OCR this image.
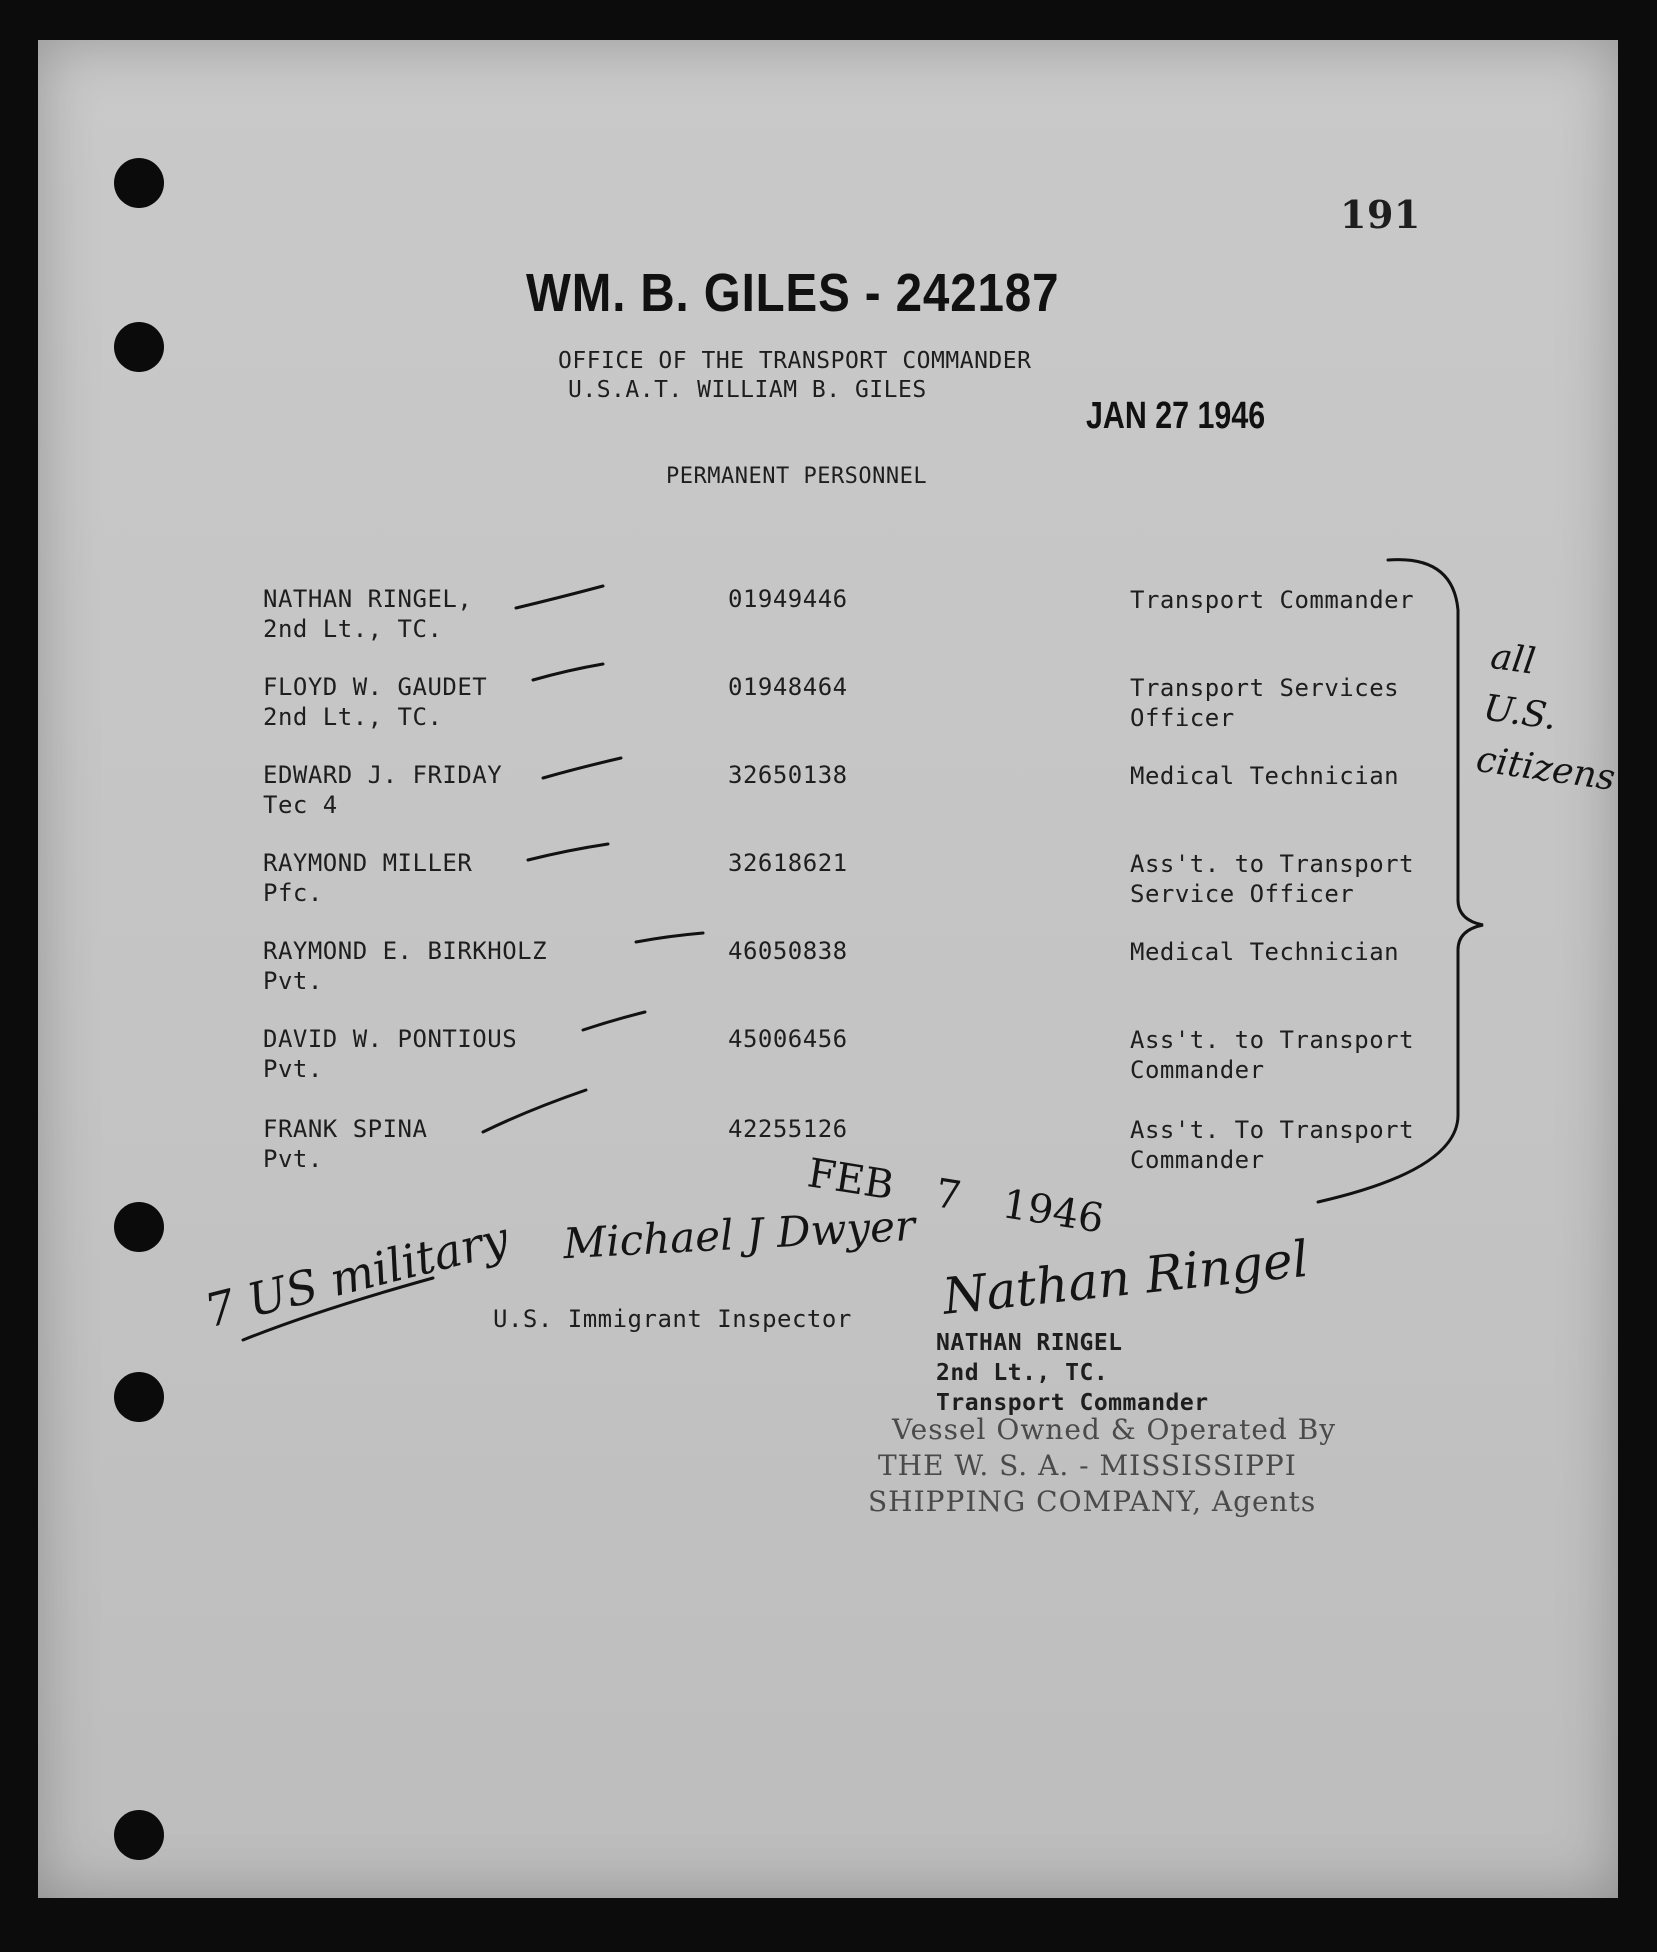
191
WM. B. GILES - 242187
OFFICE OF THE TRANSPORT COMMANDER
U.S.A.T. WILLIAM B. GILES
JAN 27 1946
PERMANENT PERSONNEL
NATHAN RINGEL,
2nd Lt., TC.
01949446	Transport Commander
FLOYD W. GAUDET
2nd Lt., TC.
01948464	Transport Services
Officer
EDWARD J. FRIDAY
Tec 4
32650138	Medical Technician
RAYMOND MILLER
Pfc.
32618621	Ass't. to Transport
Service Officer
RAYMOND E. BIRKHOLZ
Pvt.
46050838	Medical Technician
DAVID W. PONTIOUS
Pvt.
45006456	Ass't. to Transport
Commander
FRANK SPINA
Pvt.
42255126	Ass't. To Transport
Commander
all
U.S.
citizens
FEB 7 1946
Michael J Dwyer
7 US military
U.S. Immigrant Inspector Nathan Ringel
NATHAN RINGEL
2nd Lt., TC.
Transport Commander
Vessel Owned & Operated By
THE W. S. A. - MISSISSIPPI
SHIPPING COMPANY, Agents
